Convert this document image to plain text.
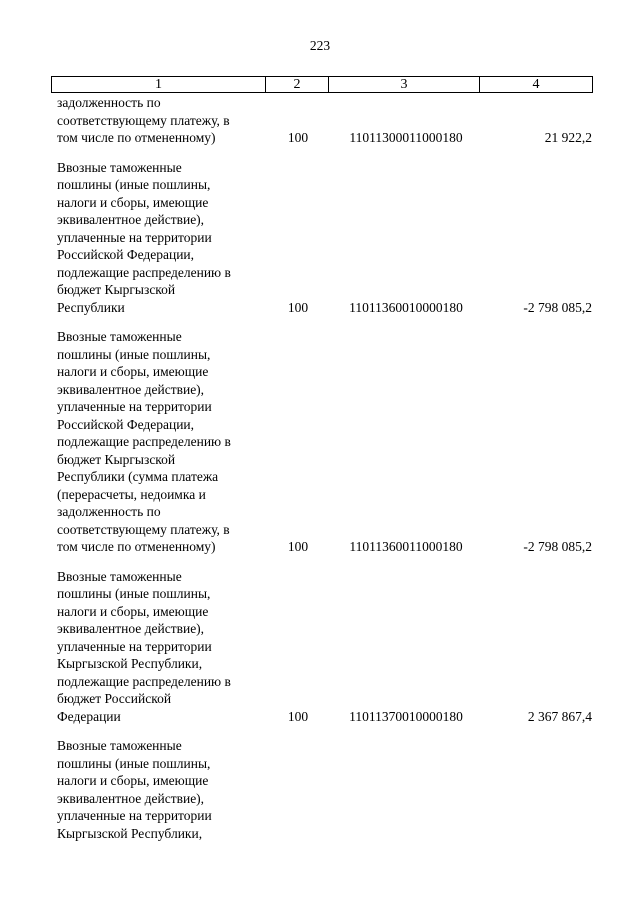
223
1	2	3	4
задолженность по
соответствующему платежу, в
том числе по отмененному)	100	11011300011000180	21 922,2
Ввозные таможенные
пошлины (иные пошлины,
налоги и сборы, имеющие
эквивалентное действие),
уплаченные на территории
Российской Федерации,
подлежащие распределению в
бюджет Кыргызской
Республики	100	11011360010000180	-2 798 085,2
Ввозные таможенные
пошлины (иные пошлины,
налоги и сборы, имеющие
эквивалентное действие),
уплаченные на территории
Российской Федерации,
подлежащие распределению в
бюджет Кыргызской
Республики (сумма платежа
(перерасчеты, недоимка и
задолженность по
соответствующему платежу, в
том числе по отмененному)	100	11011360011000180	-2 798 085,2
Ввозные таможенные
пошлины (иные пошлины,
налоги и сборы, имеющие
эквивалентное действие),
уплаченные на территории
Кыргызской Республики,
подлежащие распределению в
бюджет Российской
Федерации	100	11011370010000180	2 367 867,4
Ввозные таможенные
пошлины (иные пошлины,
налоги и сборы, имеющие
эквивалентное действие),
уплаченные на территории
Кыргызской Республики,
